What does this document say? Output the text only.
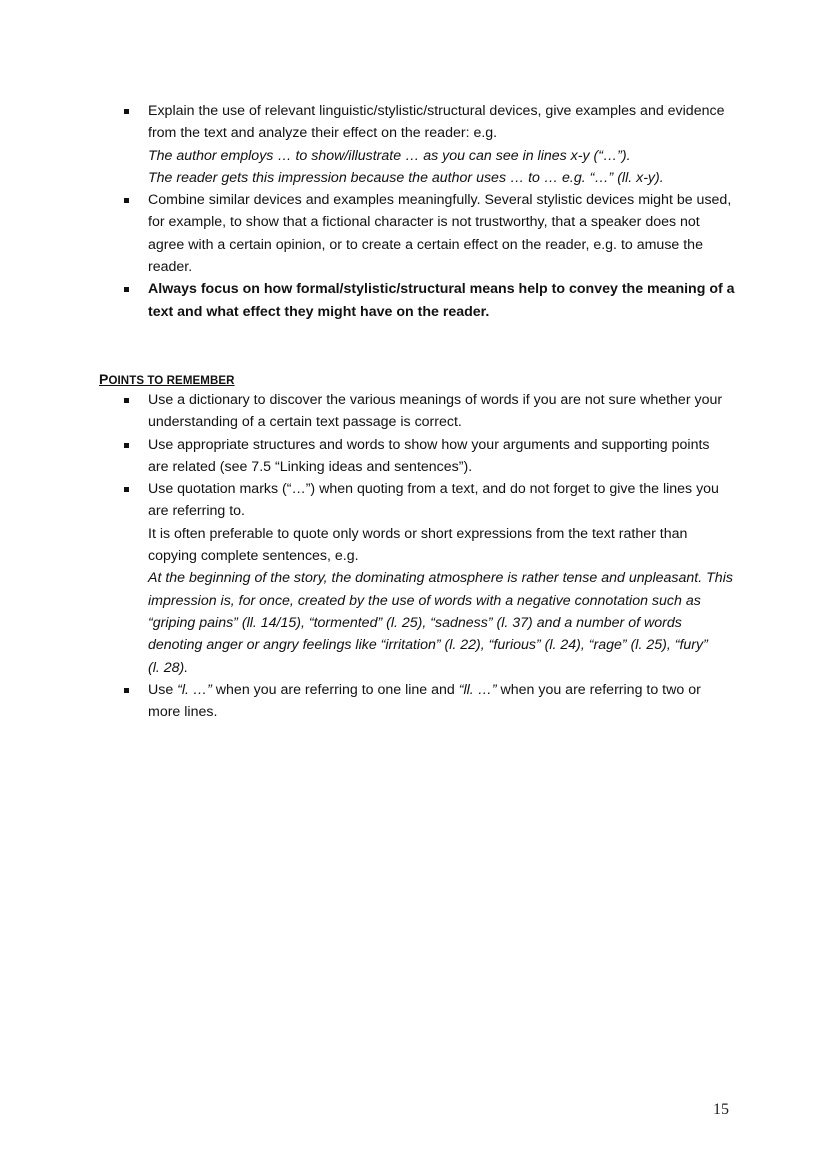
Explain the use of relevant linguistic/stylistic/structural devices, give examples and evidence
from the text and analyze their effect on the reader: e.g.
The author employs … to show/illustrate … as you can see in lines x-y (“…”).
The reader gets this impression because the author uses … to … e.g. “…” (ll. x-y).
Combine similar devices and examples meaningfully. Several stylistic devices might be used,
for example, to show that a fictional character is not trustworthy, that a speaker does not
agree with a certain opinion, or to create a certain effect on the reader, e.g. to amuse the
reader.
Always focus on how formal/stylistic/structural means help to convey the meaning of a
text and what effect they might have on the reader.
POINTS TO REMEMBER
Use a dictionary to discover the various meanings of words if you are not sure whether your
understanding of a certain text passage is correct.
Use appropriate structures and words to show how your arguments and supporting points
are related (see 7.5 “Linking ideas and sentences”).
Use quotation marks (“…”) when quoting from a text, and do not forget to give the lines you
are referring to.
It is often preferable to quote only words or short expressions from the text rather than
copying complete sentences, e.g.
At the beginning of the story, the dominating atmosphere is rather tense and unpleasant. This
impression is, for once, created by the use of words with a negative connotation such as
“griping pains” (ll. 14/15), “tormented” (l. 25), “sadness” (l. 37) and a number of words
denoting anger or angry feelings like “irritation” (l. 22), “furious” (l. 24), “rage” (l. 25), “fury”
(l. 28).
Use “l. …” when you are referring to one line and “ll. …” when you are referring to two or
more lines.
15
